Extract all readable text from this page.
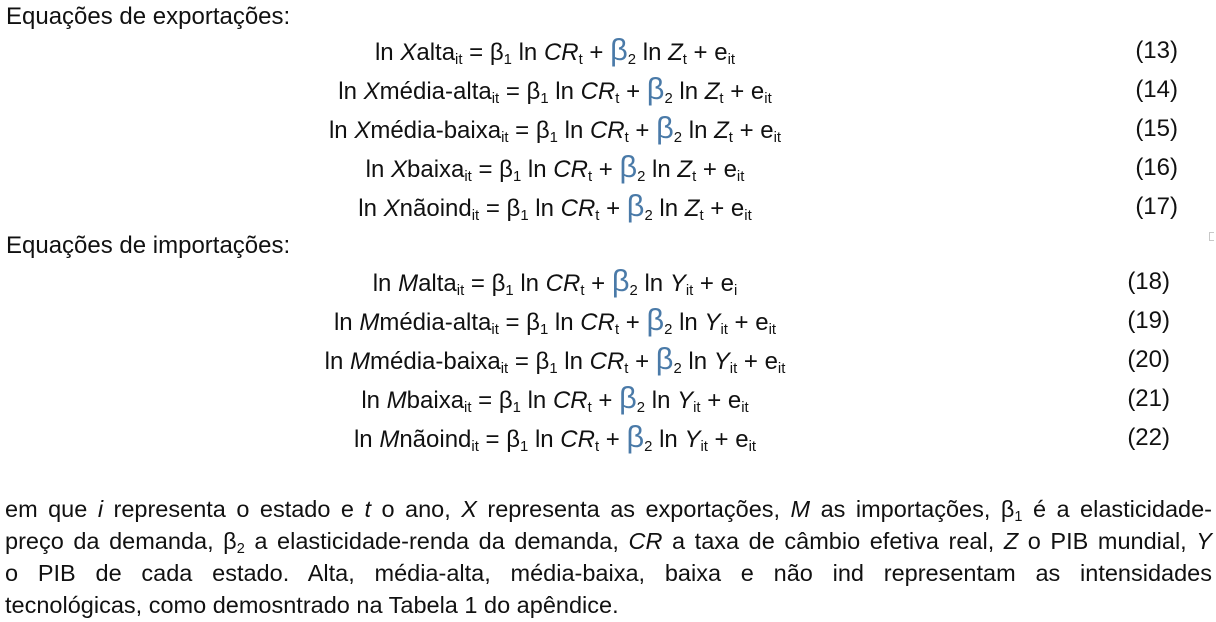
Equações de exportações:
ln Xalta$_{it}$ = $\beta_1$ $\ln CR_t + \beta_2$ $\ln Z_t + e_{it}$	(13)
ln Xmédia-alta$_{it}$ = $\beta_1$ $\ln CR_t + \beta_2$ $\ln Z_t + e_{it}$	(14)
ln Xmédia-baixa$_{it}$ = $\beta_1$ $\ln CR_t + \beta_2$ $\ln Z_t + e_{it}$	(15)
ln Xbaixa$_{it}$ = $\beta_1$ $\ln CR_t + \beta_2$ $\ln Z_t + e_{it}$	(16)
ln Xnãoind$_{it}$ = $\beta_1$ $\ln CR_t + \beta_2$ $\ln Z_t + e_{it}$	(17)
Equações de importações:
ln Malta$_{it}$ = $\beta_1$ $\ln CR_t + \beta_2$ $\ln Y_{it} + e_i$	(18)
ln Mmédia-alta$_{it}$ = $\beta_1$ $\ln CR_t + \beta_2$ $\ln Y_{it} + e_{it}$	(19)
ln Mmédia-baixa$_{it}$ = $\beta_1$ $\ln CR_t + \beta_2$ $\ln Y_{it} + e_{it}$	(20)
ln Mbaixa$_{it}$ = $\beta_1$ $\ln CR_t + \beta_2$ $\ln Y_{it} + e_{it}$	(21)
ln Mnãoind$_{it}$ = $\beta_1$ $\ln CR_t + \beta_2$ $\ln Y_{it} + e_{it}$	(22)
em que i representa o estado e t o ano, X representa as exportações, M as importações, $\beta_1$ é a elasticidade-
preço da demanda, $\beta_2$ a elasticidade-renda da demanda, CR a taxa de câmbio efetiva real, Z o PIB mundial, Y
o PIB de cada estado. Alta, média-alta, média-baixa, baixa e não ind representam as intensidades
tecnológicas, como demosntrado na Tabela 1 do apêndice.
